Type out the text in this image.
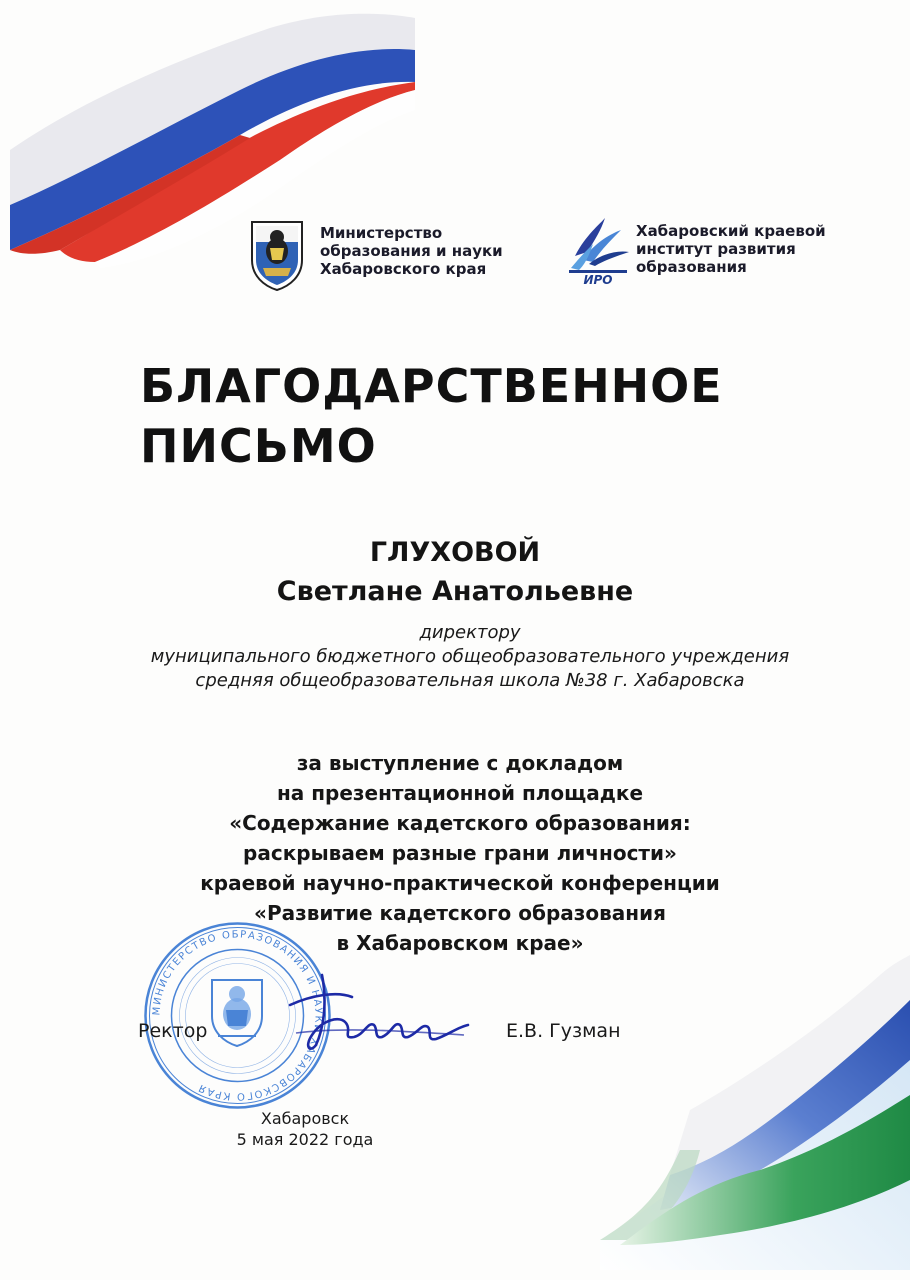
Министерство
образования и науки
Хабаровского края
ИРО
Хабаровский краевой
институт развития
образования
БЛАГОДАРСТВЕННОЕ
ПИСЬМО
ГЛУХОВОЙ
Светлане Анатольевне
директору
муниципального бюджетного общеобразовательного учреждения
средняя общеобразовательная школа №38 г. Хабаровска
за выступление с докладом
на презентационной площадке
«Содержание кадетского образования:
раскрываем разные грани личности»
краевой научно-практической конференции
«Развитие кадетского образования
в Хабаровском крае»
МИНИСТЕРСТВО ОБРАЗОВАНИЯ И НАУКИ ХАБАРОВСКОГО КРАЯ
Ректор	Е.В. Гузман
Хабаровск
5 мая 2022 года
